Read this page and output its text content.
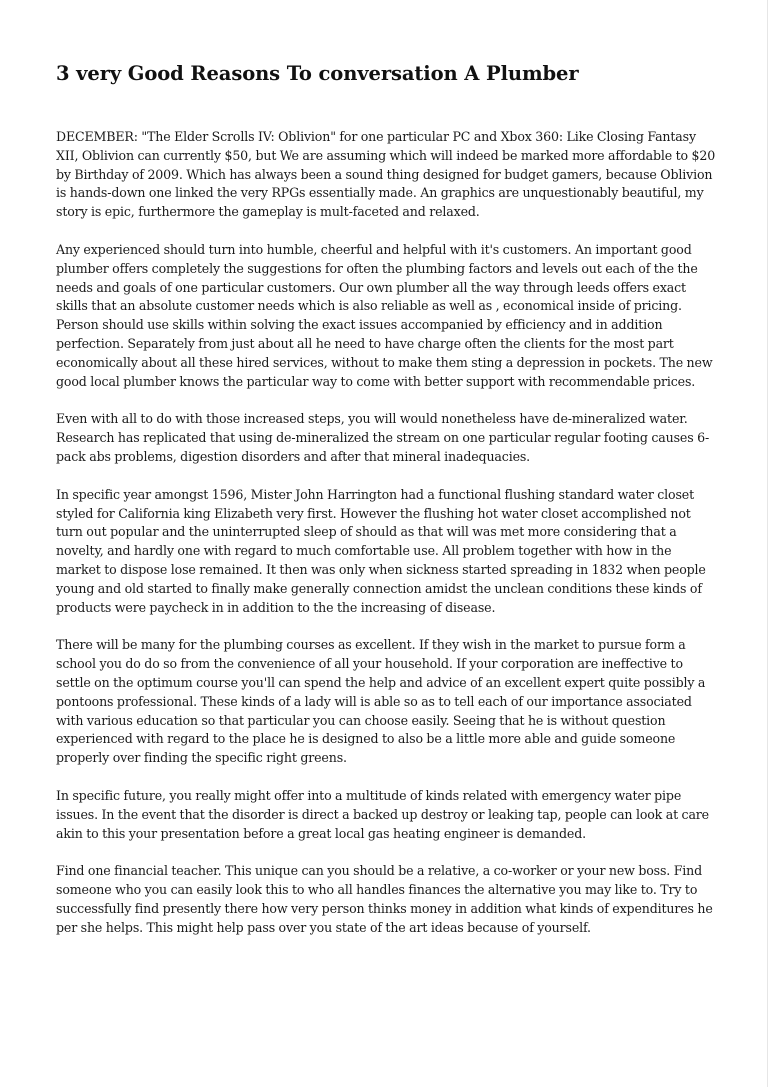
3 very Good Reasons To conversation A Plumber

DECEMBER: "The Elder Scrolls IV: Oblivion" for one particular PC and Xbox 360: Like Closing Fantasy XII, Oblivion can currently $50, but We are assuming which will indeed be marked more affordable to $20 by Birthday of 2009. Which has always been a sound thing designed for budget gamers, because Oblivion is hands-down one linked the very RPGs essentially made. An graphics are unquestionably beautiful, my story is epic, furthermore the gameplay is mult-faceted and relaxed.

Any experienced should turn into humble, cheerful and helpful with it's customers. An important good plumber offers completely the suggestions for often the plumbing factors and levels out each of the the needs and goals of one particular customers. Our own plumber all the way through leeds offers exact skills that an absolute customer needs which is also reliable as well as , economical inside of pricing. Person should use skills within solving the exact issues accompanied by efficiency and in addition perfection. Separately from just about all he need to have charge often the clients for the most part economically about all these hired services, without to make them sting a depression in pockets. The new good local plumber knows the particular way to come with better support with recommendable prices.

Even with all to do with those increased steps, you will would nonetheless have de-mineralized water. Research has replicated that using de-mineralized the stream on one particular regular footing causes 6-pack abs problems, digestion disorders and after that mineral inadequacies.

In specific year amongst 1596, Mister John Harrington had a functional flushing standard water closet styled for California king Elizabeth very first. However the flushing hot water closet accomplished not turn out popular and the uninterrupted sleep of should as that will was met more considering that a novelty, and hardly one with regard to much comfortable use. All problem together with how in the market to dispose lose remained. It then was only when sickness started spreading in 1832 when people young and old started to finally make generally connection amidst the unclean conditions these kinds of products were paycheck in in addition to the the increasing of disease.

There will be many for the plumbing courses as excellent. If they wish in the market to pursue form a school you do do so from the convenience of all your household. If your corporation are ineffective to settle on the optimum course you'll can spend the help and advice of an excellent expert quite possibly a pontoons professional. These kinds of a lady will is able so as to tell each of our importance associated with various education so that particular you can choose easily. Seeing that he is without question experienced with regard to the place he is designed to also be a little more able and guide someone properly over finding the specific right greens.

In specific future, you really might offer into a multitude of kinds related with emergency water pipe issues. In the event that the disorder is direct a backed up destroy or leaking tap, people can look at care akin to this your presentation before a great local gas heating engineer is demanded.

Find one financial teacher. This unique can you should be a relative, a co-worker or your new boss. Find someone who you can easily look this to who all handles finances the alternative you may like to. Try to successfully find presently there how very person thinks money in addition what kinds of expenditures he per she helps. This might help pass over you state of the art ideas because of yourself.
